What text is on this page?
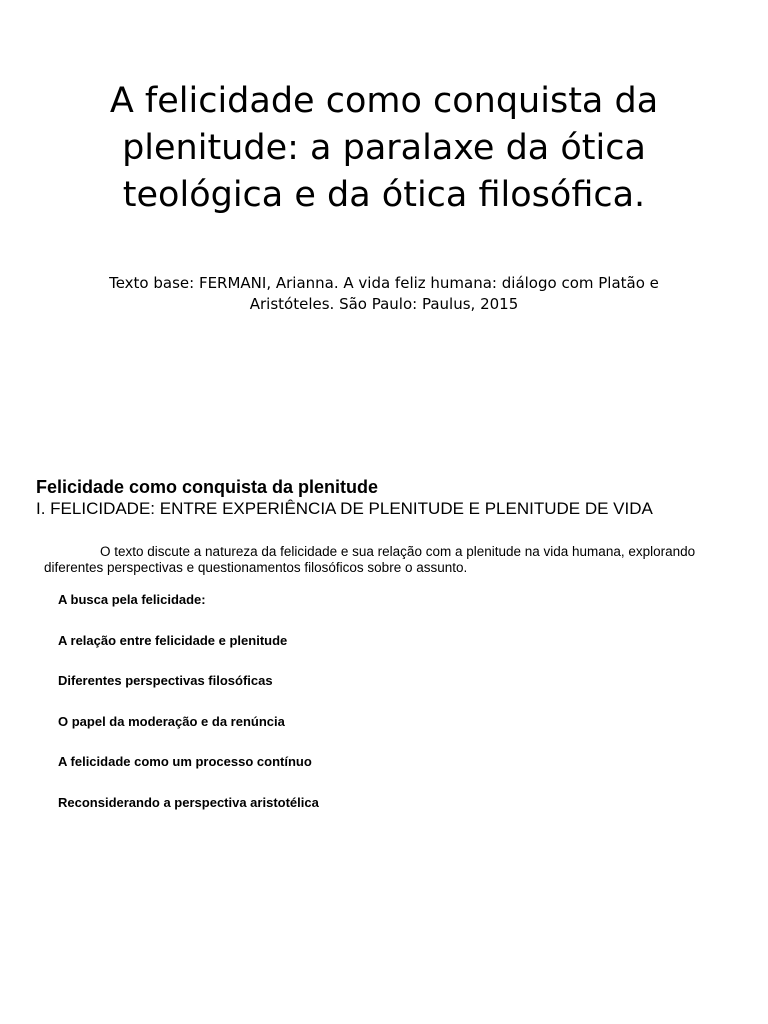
A felicidade como conquista da plenitude: a paralaxe da ótica teológica e da ótica filosófica.

Texto base: FERMANI, Arianna. A vida feliz humana: diálogo com Platão e Aristóteles. São Paulo: Paulus, 2015

Felicidade como conquista da plenitude
I. FELICIDADE: ENTRE EXPERIÊNCIA DE PLENITUDE E PLENITUDE DE VIDA

O texto discute a natureza da felicidade e sua relação com a plenitude na vida humana, explorando diferentes perspectivas e questionamentos filosóficos sobre o assunto.

A busca pela felicidade:
A relação entre felicidade e plenitude
Diferentes perspectivas filosóficas
O papel da moderação e da renúncia
A felicidade como um processo contínuo
Reconsiderando a perspectiva aristotélica
